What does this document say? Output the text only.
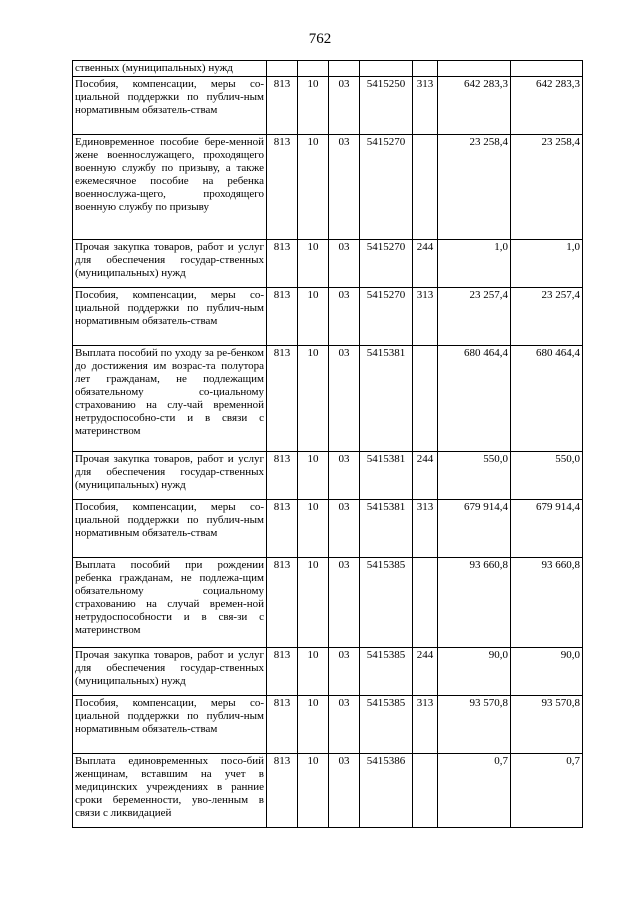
762
ственных (муниципальных) нужд							
Пособия, компенсации, меры со-циальной поддержки по публич-ным нормативным обязатель-ствам	813	10	03	5415250	313	642 283,3	642 283,3
Единовременное пособие бере-менной жене военнослужащего, проходящего военную службу по призыву, а также ежемесячное пособие на ребенка военнослужа-щего, проходящего военную службу по призыву	813	10	03	5415270		23 258,4	23 258,4
Прочая закупка товаров, работ и услуг для обеспечения государ-ственных (муниципальных) нужд	813	10	03	5415270	244	1,0	1,0
Пособия, компенсации, меры со-циальной поддержки по публич-ным нормативным обязатель-ствам	813	10	03	5415270	313	23 257,4	23 257,4
Выплата пособий по уходу за ре-бенком до достижения им возрас-та полутора лет гражданам, не подлежащим обязательному со-циальному страхованию на слу-чай временной нетрудоспособно-сти и в связи с материнством	813	10	03	5415381		680 464,4	680 464,4
Прочая закупка товаров, работ и услуг для обеспечения государ-ственных (муниципальных) нужд	813	10	03	5415381	244	550,0	550,0
Пособия, компенсации, меры со-циальной поддержки по публич-ным нормативным обязатель-ствам	813	10	03	5415381	313	679 914,4	679 914,4
Выплата пособий при рождении ребенка гражданам, не подлежа-щим обязательному социальному страхованию на случай времен-ной нетрудоспособности и в свя-зи с материнством	813	10	03	5415385		93 660,8	93 660,8
Прочая закупка товаров, работ и услуг для обеспечения государ-ственных (муниципальных) нужд	813	10	03	5415385	244	90,0	90,0
Пособия, компенсации, меры со-циальной поддержки по публич-ным нормативным обязатель-ствам	813	10	03	5415385	313	93 570,8	93 570,8
Выплата единовременных посо-бий женщинам, вставшим на учет в медицинских учреждениях в ранние сроки беременности, уво-ленным в связи с ликвидацией	813	10	03	5415386		0,7	0,7
